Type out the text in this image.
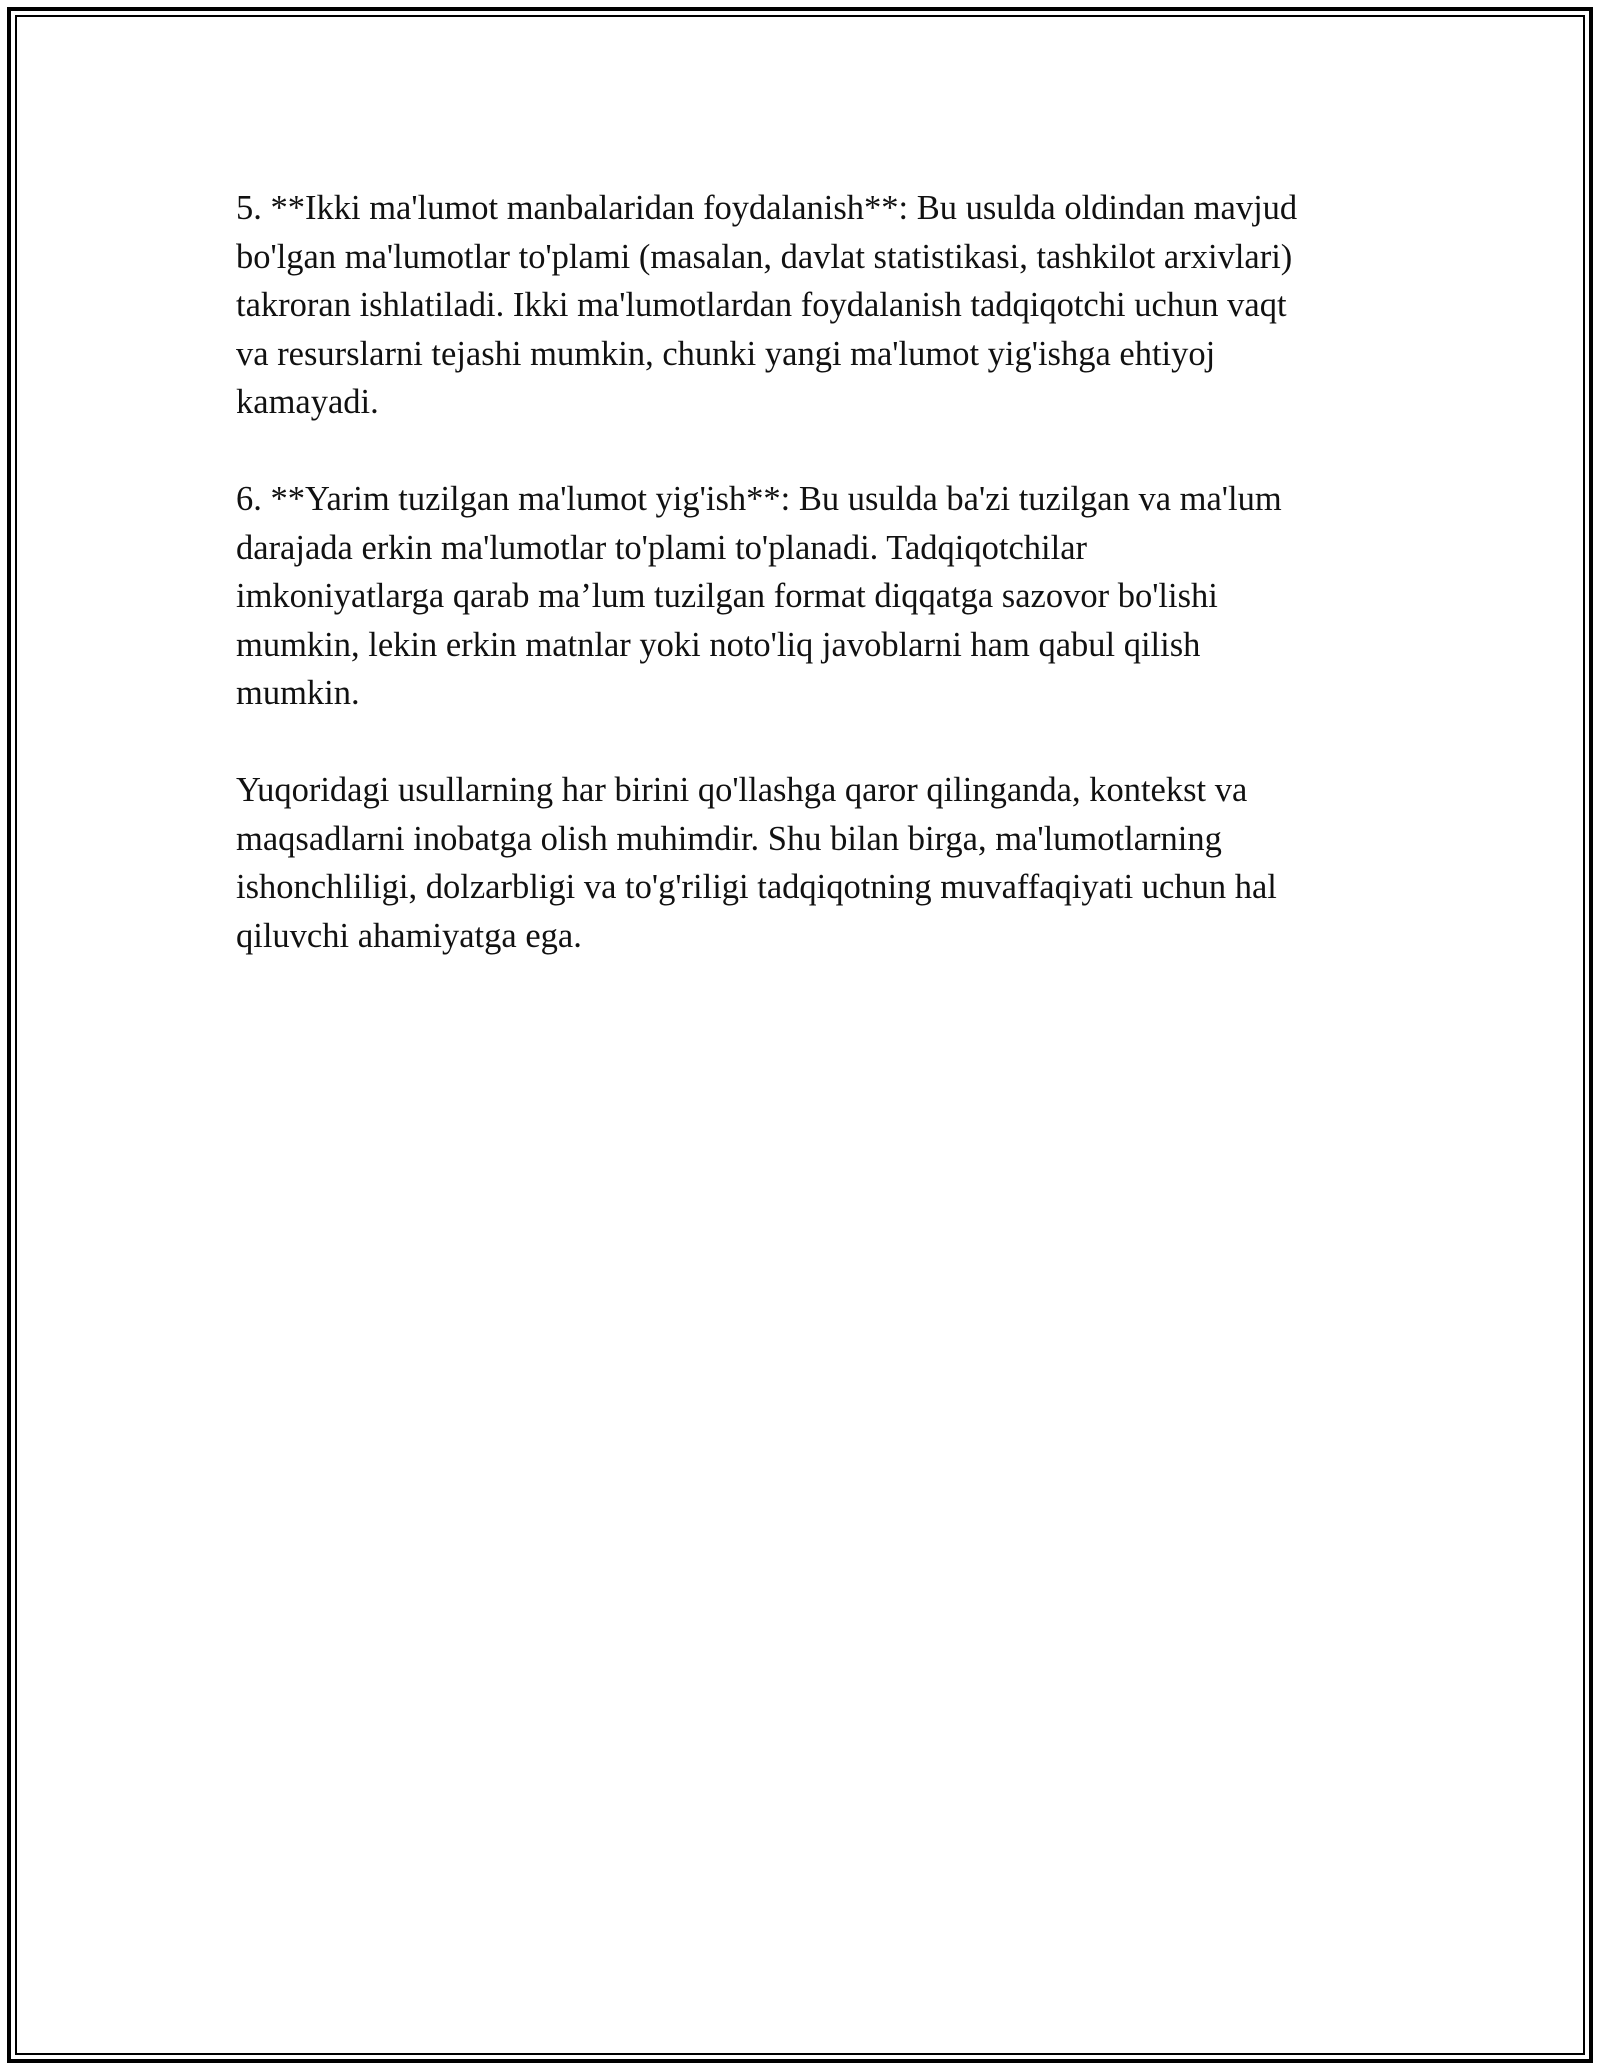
5. **Ikki ma'lumot manbalaridan foydalanish**: Bu usulda oldindan mavjud
bo'lgan ma'lumotlar to'plami (masalan, davlat statistikasi, tashkilot arxivlari)
takroran ishlatiladi. Ikki ma'lumotlardan foydalanish tadqiqotchi uchun vaqt
va resurslarni tejashi mumkin, chunki yangi ma'lumot yig'ishga ehtiyoj
kamayadi.

6. **Yarim tuzilgan ma'lumot yig'ish**: Bu usulda ba'zi tuzilgan va ma'lum
darajada erkin ma'lumotlar to'plami to'planadi. Tadqiqotchilar
imkoniyatlarga qarab ma’lum tuzilgan format diqqatga sazovor bo'lishi
mumkin, lekin erkin matnlar yoki noto'liq javoblarni ham qabul qilish
mumkin.

Yuqoridagi usullarning har birini qo'llashga qaror qilinganda, kontekst va
maqsadlarni inobatga olish muhimdir. Shu bilan birga, ma'lumotlarning
ishonchliligi, dolzarbligi va to'g'riligi tadqiqotning muvaffaqiyati uchun hal
qiluvchi ahamiyatga ega.
